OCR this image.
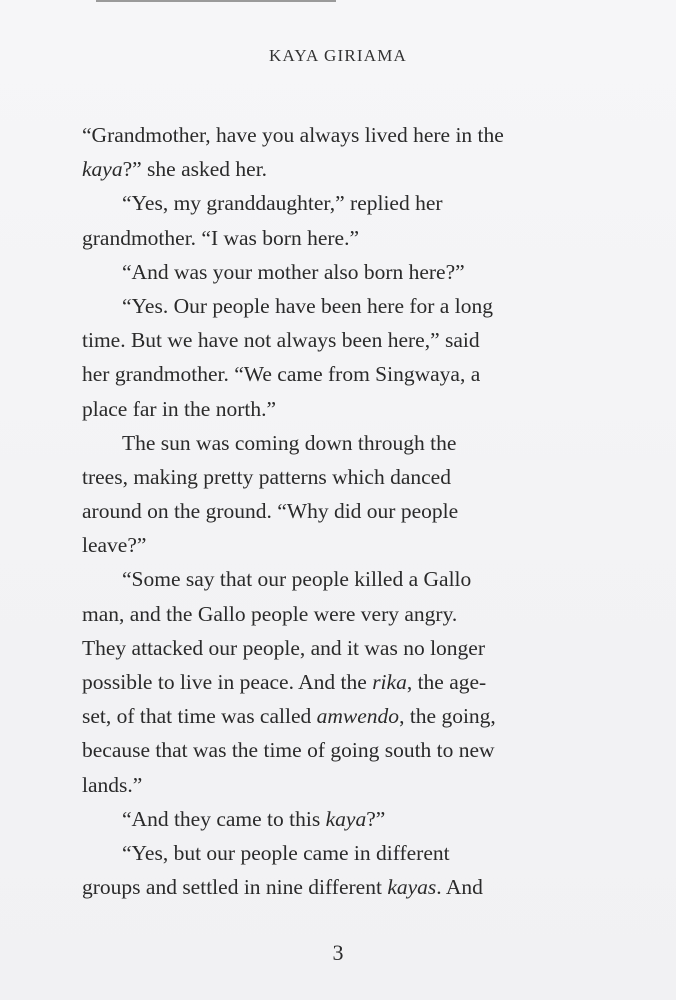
KAYA GIRIAMA
“Grandmother, have you always lived here in the
kaya?” she asked her.
“Yes, my granddaughter,” replied her
grandmother. “I was born here.”
“And was your mother also born here?”
“Yes. Our people have been here for a long
time. But we have not always been here,” said
her grandmother. “We came from Singwaya, a
place far in the north.”
The sun was coming down through the
trees, making pretty patterns which danced
around on the ground. “Why did our people
leave?”
“Some say that our people killed a Gallo
man, and the Gallo people were very angry.
They attacked our people, and it was no longer
possible to live in peace. And the rika, the age-
set, of that time was called amwendo, the going,
because that was the time of going south to new
lands.”
“And they came to this kaya?”
“Yes, but our people came in different
groups and settled in nine different kayas. And
3
